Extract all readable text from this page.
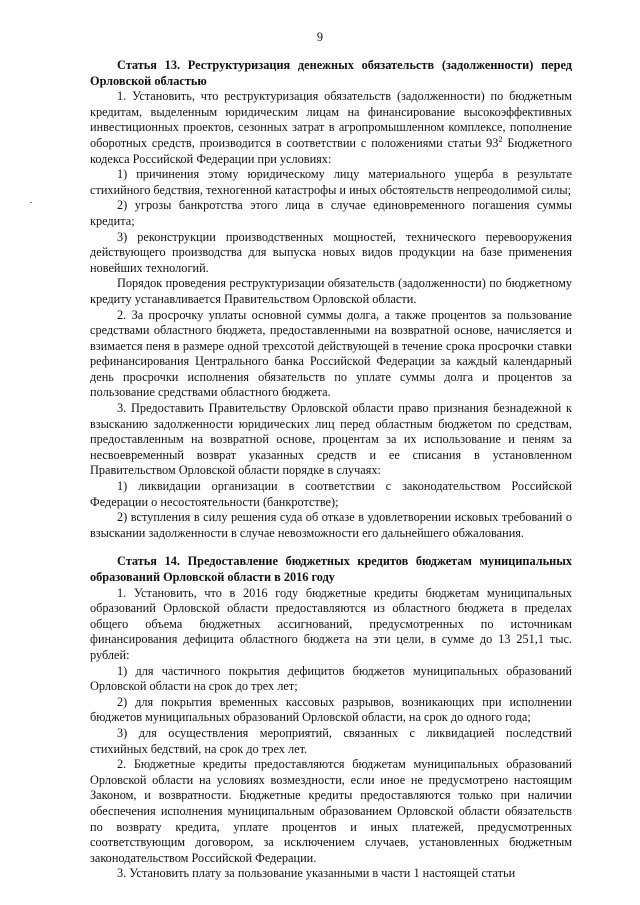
9

Статья 13. Реструктуризация денежных обязательств (задолженности) перед Орловской областью

1. Установить, что реструктуризация обязательств (задолженности) по бюджетным кредитам, выделенным юридическим лицам на финансирование высокоэффективных инвестиционных проектов, сезонных затрат в агропромышленном комплексе, пополнение оборотных средств, производится в соответствии с положениями статьи $93^2$ Бюджетного кодекса Российской Федерации при условиях:

1) причинения этому юридическому лицу материального ущерба в результате стихийного бедствия, техногенной катастрофы и иных обстоятельств непреодолимой силы;

2) угрозы банкротства этого лица в случае единовременного погашения суммы кредита;

3) реконструкции производственных мощностей, технического перевооружения действующего производства для выпуска новых видов продукции на базе применения новейших технологий.

Порядок проведения реструктуризации обязательств (задолженности) по бюджетному кредиту устанавливается Правительством Орловской области.

2. За просрочку уплаты основной суммы долга, а также процентов за пользование средствами областного бюджета, предоставленными на возвратной основе, начисляется и взимается пеня в размере одной трехсотой действующей в течение срока просрочки ставки рефинансирования Центрального банка Российской Федерации за каждый календарный день просрочки исполнения обязательств по уплате суммы долга и процентов за пользование средствами областного бюджета.

3. Предоставить Правительству Орловской области право признания безнадежной к взысканию задолженности юридических лиц перед областным бюджетом по средствам, предоставленным на возвратной основе, процентам за их использование и пеням за несвоевременный возврат указанных средств и ее списания в установленном Правительством Орловской области порядке в случаях:

1) ликвидации организации в соответствии с законодательством Российской Федерации о несостоятельности (банкротстве);

2) вступления в силу решения суда об отказе в удовлетворении исковых требований о взыскании задолженности в случае невозможности его дальнейшего обжалования.

Статья 14. Предоставление бюджетных кредитов бюджетам муниципальных образований Орловской области в 2016 году

1. Установить, что в 2016 году бюджетные кредиты бюджетам муниципальных образований Орловской области предоставляются из областного бюджета в пределах общего объема бюджетных ассигнований, предусмотренных по источникам финансирования дефицита областного бюджета на эти цели, в сумме до 13 251,1 тыс. рублей:

1) для частичного покрытия дефицитов бюджетов муниципальных образований Орловской области на срок до трех лет;

2) для покрытия временных кассовых разрывов, возникающих при исполнении бюджетов муниципальных образований Орловской области, на срок до одного года;

3) для осуществления мероприятий, связанных с ликвидацией последствий стихийных бедствий, на срок до трех лет.

2. Бюджетные кредиты предоставляются бюджетам муниципальных образований Орловской области на условиях возмездности, если иное не предусмотрено настоящим Законом, и возвратности. Бюджетные кредиты предоставляются только при наличии обеспечения исполнения муниципальным образованием Орловской области обязательств по возврату кредита, уплате процентов и иных платежей, предусмотренных соответствующим договором, за исключением случаев, установленных бюджетным законодательством Российской Федерации.

3. Установить плату за пользование указанными в части 1 настоящей статьи
